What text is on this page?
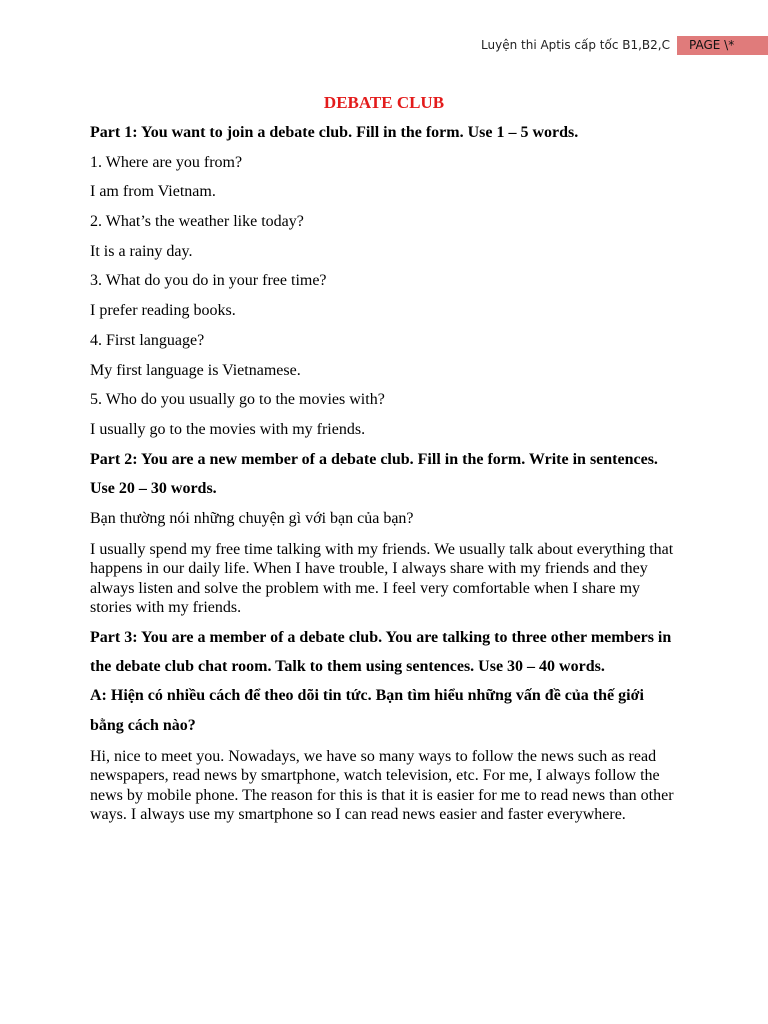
Luyện thi Aptis cấp tốc B1,B2,C	PAGE \*
DEBATE CLUB

Part 1: You want to join a debate club. Fill in the form. Use 1 – 5 words.

1. Where are you from?

I am from Vietnam.

2. What’s the weather like today?

It is a rainy day.

3. What do you do in your free time?

I prefer reading books.

4. First language?

My first language is Vietnamese.

5. Who do you usually go to the movies with?

I usually go to the movies with my friends.

Part 2: You are a new member of a debate club. Fill in the form. Write in sentences.

Use 20 – 30 words.

Bạn thường nói những chuyện gì với bạn của bạn?

I usually spend my free time talking with my friends. We usually talk about everything that happens in our daily life. When I have trouble, I always share with my friends and they always listen and solve the problem with me. I feel very comfortable when I share my stories with my friends.

Part 3: You are a member of a debate club. You are talking to three other members in

the debate club chat room. Talk to them using sentences. Use 30 – 40 words.

A: Hiện có nhiều cách để theo dõi tin tức. Bạn tìm hiểu những vấn đề của thế giới

bằng cách nào?

Hi, nice to meet you. Nowadays, we have so many ways to follow the news such as read newspapers, read news by smartphone, watch television, etc. For me, I always follow the news by mobile phone. The reason for this is that it is easier for me to read news than other ways. I always use my smartphone so I can read news easier and faster everywhere.
